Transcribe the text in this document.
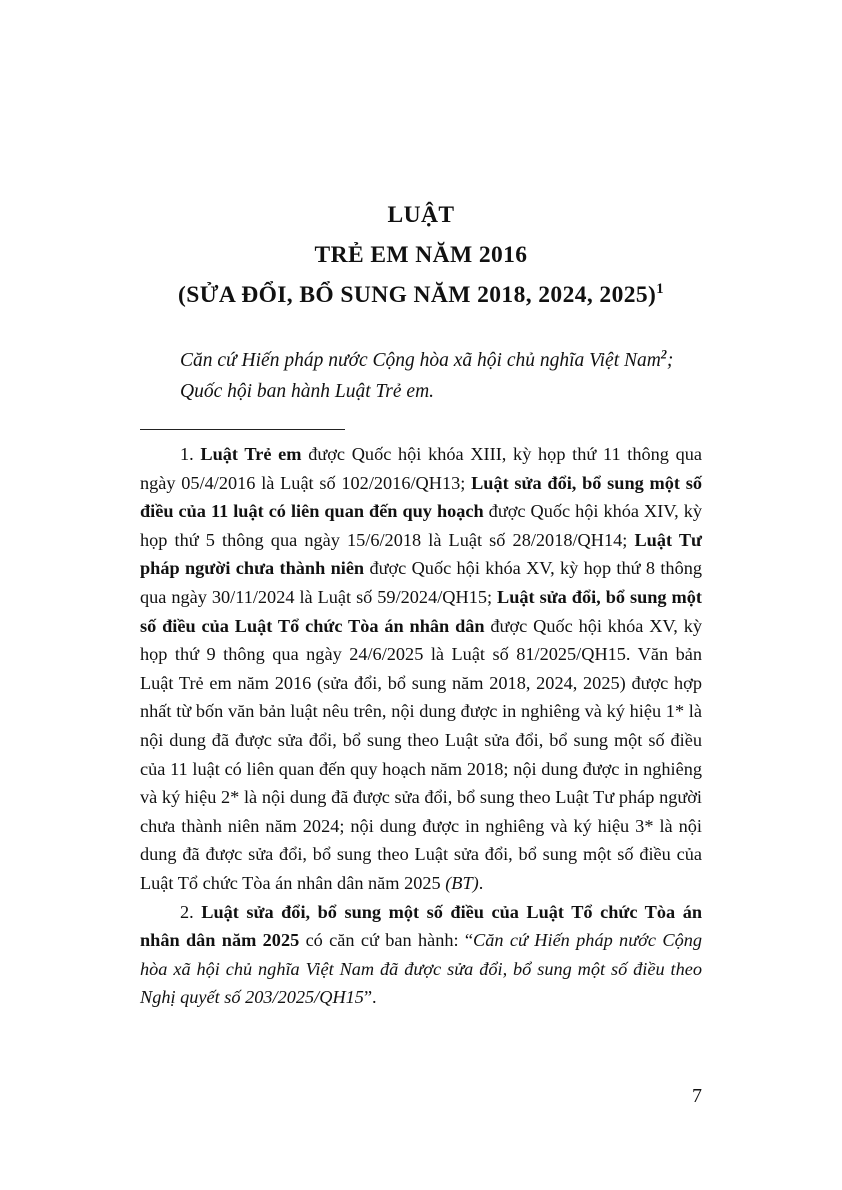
LUẬT
TRẺ EM NĂM 2016
(SỬA ĐỔI, BỔ SUNG NĂM 2018, 2024, 2025)$^1$

Căn cứ Hiến pháp nước Cộng hòa xã hội chủ nghĩa Việt Nam$^2$;

Quốc hội ban hành Luật Trẻ em.

1. Luật Trẻ em được Quốc hội khóa XIII, kỳ họp thứ 11 thông qua ngày 05/4/2016 là Luật số 102/2016/QH13; Luật sửa đổi, bổ sung một số điều của 11 luật có liên quan đến quy hoạch được Quốc hội khóa XIV, kỳ họp thứ 5 thông qua ngày 15/6/2018 là Luật số 28/2018/QH14; Luật Tư pháp người chưa thành niên được Quốc hội khóa XV, kỳ họp thứ 8 thông qua ngày 30/11/2024 là Luật số 59/2024/QH15; Luật sửa đổi, bổ sung một số điều của Luật Tổ chức Tòa án nhân dân được Quốc hội khóa XV, kỳ họp thứ 9 thông qua ngày 24/6/2025 là Luật số 81/2025/QH15. Văn bản Luật Trẻ em năm 2016 (sửa đổi, bổ sung năm 2018, 2024, 2025) được hợp nhất từ bốn văn bản luật nêu trên, nội dung được in nghiêng và ký hiệu 1* là nội dung đã được sửa đổi, bổ sung theo Luật sửa đổi, bổ sung một số điều của 11 luật có liên quan đến quy hoạch năm 2018; nội dung được in nghiêng và ký hiệu 2* là nội dung đã được sửa đổi, bổ sung theo Luật Tư pháp người chưa thành niên năm 2024; nội dung được in nghiêng và ký hiệu 3* là nội dung đã được sửa đổi, bổ sung theo Luật sửa đổi, bổ sung một số điều của Luật Tổ chức Tòa án nhân dân năm 2025 (BT).

2. Luật sửa đổi, bổ sung một số điều của Luật Tổ chức Tòa án nhân dân năm 2025 có căn cứ ban hành: “Căn cứ Hiến pháp nước Cộng hòa xã hội chủ nghĩa Việt Nam đã được sửa đổi, bổ sung một số điều theo Nghị quyết số 203/2025/QH15”.

7
